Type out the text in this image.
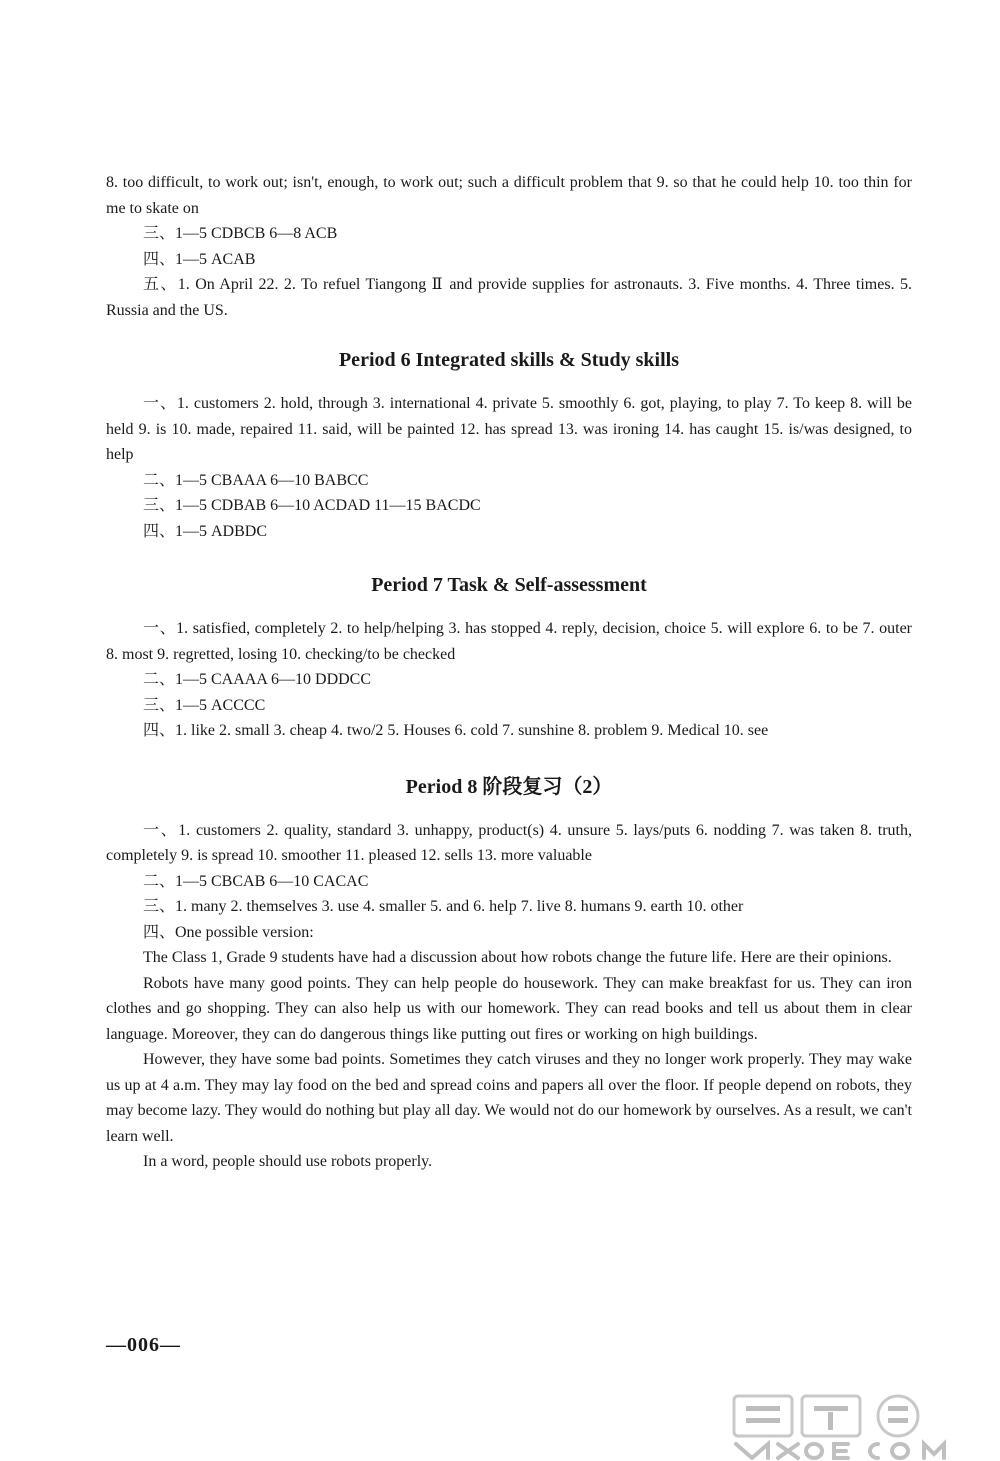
8. too difficult, to work out; isn't, enough, to work out; such a difficult problem that 9. so that he could help 10. too thin for me to skate on

三、1—5 CDBCB 6—8 ACB

四、1—5 ACAB

五、1. On April 22. 2. To refuel Tiangong Ⅱ and provide supplies for astronauts. 3. Five months. 4. Three times. 5. Russia and the US.

Period 6 Integrated skills & Study skills

一、1. customers 2. hold, through 3. international 4. private 5. smoothly 6. got, playing, to play 7. To keep 8. will be held 9. is 10. made, repaired 11. said, will be painted 12. has spread 13. was ironing 14. has caught 15. is/was designed, to help

二、1—5 CBAAA 6—10 BABCC

三、1—5 CDBAB 6—10 ACDAD 11—15 BACDC

四、1—5 ADBDC

Period 7 Task & Self-assessment

一、1. satisfied, completely 2. to help/helping 3. has stopped 4. reply, decision, choice 5. will explore 6. to be 7. outer 8. most 9. regretted, losing 10. checking/to be checked

二、1—5 CAAAA 6—10 DDDCC

三、1—5 ACCCC

四、1. like 2. small 3. cheap 4. two/2 5. Houses 6. cold 7. sunshine 8. problem 9. Medical 10. see

Period 8 阶段复习（2）

一、1. customers 2. quality, standard 3. unhappy, product(s) 4. unsure 5. lays/puts 6. nodding 7. was taken 8. truth, completely 9. is spread 10. smoother 11. pleased 12. sells 13. more valuable

二、1—5 CBCAB 6—10 CACAC

三、1. many 2. themselves 3. use 4. smaller 5. and 6. help 7. live 8. humans 9. earth 10. other

四、One possible version:

The Class 1, Grade 9 students have had a discussion about how robots change the future life. Here are their opinions.

Robots have many good points. They can help people do housework. They can make breakfast for us. They can iron clothes and go shopping. They can also help us with our homework. They can read books and tell us about them in clear language. Moreover, they can do dangerous things like putting out fires or working on high buildings.

However, they have some bad points. Sometimes they catch viruses and they no longer work properly. They may wake us up at 4 a.m. They may lay food on the bed and spread coins and papers all over the floor. If people depend on robots, they may become lazy. They would do nothing but play all day. We would not do our homework by ourselves. As a result, we can't learn well.

In a word, people should use robots properly.

—006—
